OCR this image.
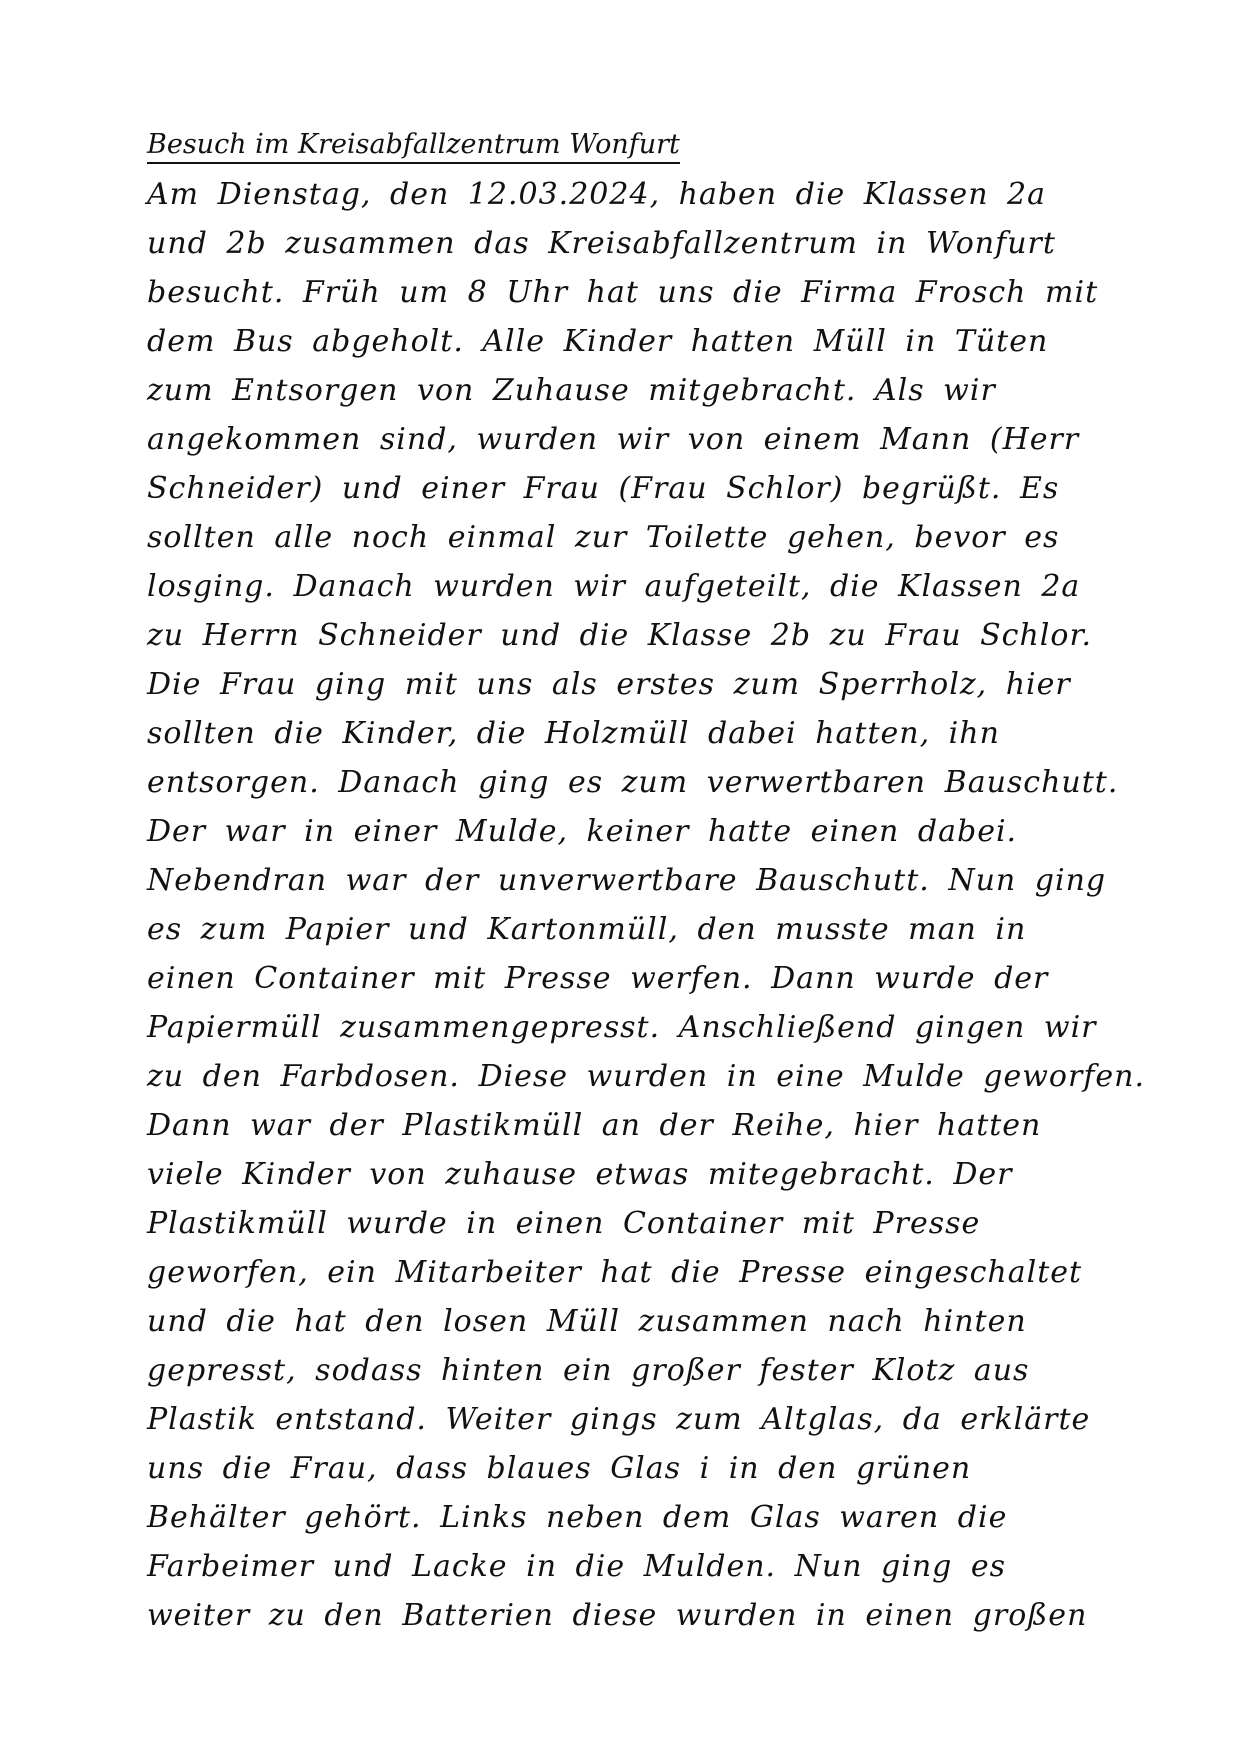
Besuch im Kreisabfallzentrum Wonfurt
Am Dienstag, den 12.03.2024, haben die Klassen 2a
und 2b zusammen das Kreisabfallzentrum in Wonfurt
besucht. Früh um 8 Uhr hat uns die Firma Frosch mit
dem Bus abgeholt. Alle Kinder hatten Müll in Tüten
zum Entsorgen von Zuhause mitgebracht. Als wir
angekommen sind, wurden wir von einem Mann (Herr
Schneider) und einer Frau (Frau Schlor) begrüßt. Es
sollten alle noch einmal zur Toilette gehen, bevor es
losging. Danach wurden wir aufgeteilt, die Klassen 2a
zu Herrn Schneider und die Klasse 2b zu Frau Schlor.
Die Frau ging mit uns als erstes zum Sperrholz, hier
sollten die Kinder, die Holzmüll dabei hatten, ihn
entsorgen. Danach ging es zum verwertbaren Bauschutt.
Der war in einer Mulde, keiner hatte einen dabei.
Nebendran war der unverwertbare Bauschutt. Nun ging
es zum Papier und Kartonmüll, den musste man in
einen Container mit Presse werfen. Dann wurde der
Papiermüll zusammengepresst. Anschließend gingen wir
zu den Farbdosen. Diese wurden in eine Mulde geworfen.
Dann war der Plastikmüll an der Reihe, hier hatten
viele Kinder von zuhause etwas mitegebracht. Der
Plastikmüll wurde in einen Container mit Presse
geworfen, ein Mitarbeiter hat die Presse eingeschaltet
und die hat den losen Müll zusammen nach hinten
gepresst, sodass hinten ein großer fester Klotz aus
Plastik entstand. Weiter gings zum Altglas, da erklärte
uns die Frau, dass blaues Glas i in den grünen
Behälter gehört. Links neben dem Glas waren die
Farbeimer und Lacke in die Mulden. Nun ging es
weiter zu den Batterien diese wurden in einen großen
